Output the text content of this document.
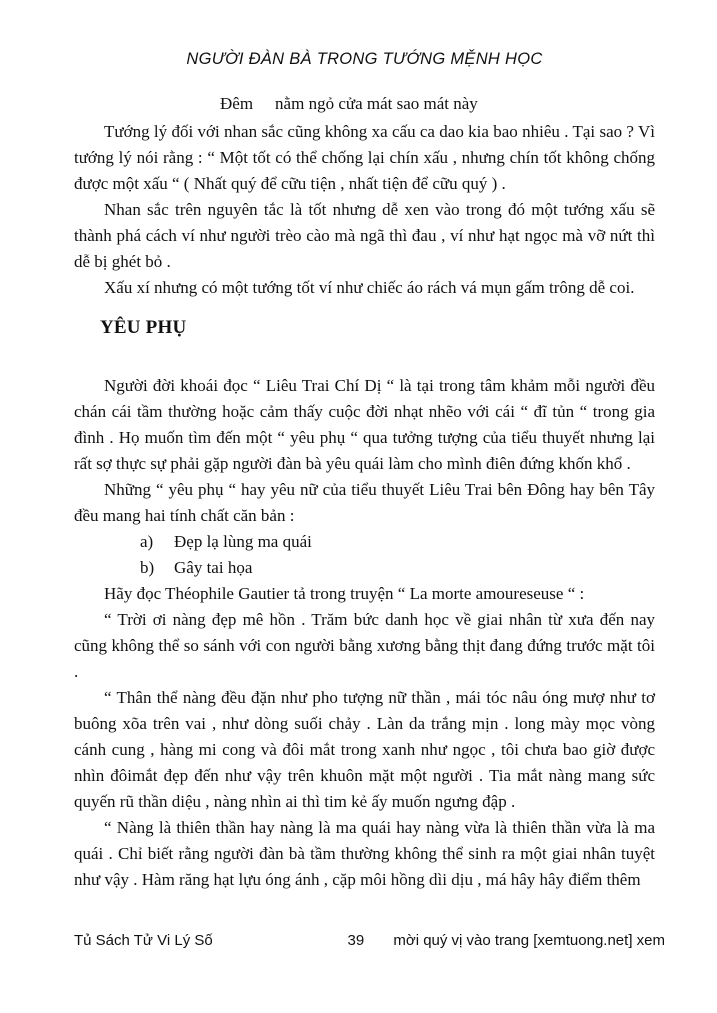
NGƯỜI ĐÀN BÀ TRONG TƯỚNG MỆNH HỌC
Đêm nằm ngỏ cửa mát sao mát này

Tướng lý đối với nhan sắc cũng không xa cấu ca dao kia bao nhiêu . Tại sao ? Vì tướng lý nói rằng : “ Một tốt có thể chống lại chín xấu , nhưng chín tốt không chống được một xấu “ ( Nhất quý để cữu tiện , nhất tiện để cữu quý ) .

Nhan sắc trên nguyên tắc là tốt nhưng dễ xen vào trong đó một tướng xấu sẽ thành phá cách ví như người trèo cào mà ngã thì đau , ví như hạt ngọc mà vỡ nứt thì dễ bị ghét bỏ .

Xấu xí nhưng có một tướng tốt ví như chiếc áo rách vá mụn gấm trông dễ coi.

YÊU PHỤ

Người đời khoái đọc “ Liêu Trai Chí Dị “ là tại trong tâm khảm mỗi người đều chán cái tầm thường hoặc cảm thấy cuộc đời nhạt nhẽo với cái “ đĩ tủn “ trong gia đình . Họ muốn tìm đến một “ yêu phụ “ qua tưởng tượng của tiểu thuyết nhưng lại rất sợ thực sự phải gặp người đàn bà yêu quái làm cho mình điên đứng khốn khổ .

Những “ yêu phụ “ hay yêu nữ của tiểu thuyết Liêu Trai bên Đông hay bên Tây đều mang hai tính chất căn bản :

a) Đẹp lạ lùng ma quái
b) Gây tai họa

Hãy đọc Théophile Gautier tả trong truyện “ La morte amoureseuse “ :

“ Trời ơi nàng đẹp mê hồn . Trăm bức danh học về giai nhân từ xưa đến nay cũng không thể so sánh với con người bằng xương bằng thịt đang đứng trước mặt tôi .

“ Thân thể nàng đều đặn như pho tượng nữ thần , mái tóc nâu óng mượ như tơ buông xõa trên vai , như dòng suối chảy . Làn da trắng mịn . long mày mọc vòng cánh cung , hàng mi cong và đôi mắt trong xanh như ngọc , tôi chưa bao giờ được nhìn đôimắt đẹp đến như vậy trên khuôn mặt một người . Tia mắt nàng mang sức quyến rũ thần diệu , nàng nhìn ai thì tim kẻ ấy muốn ngưng đập .

“ Nàng là thiên thần hay nàng là ma quái hay nàng vừa là thiên thần vừa là ma quái . Chỉ biết rằng người đàn bà tầm thường không thể sinh ra một giai nhân tuyệt như vậy . Hàm răng hạt lựu óng ánh , cặp môi hồng dìi dịu , má hây hây điểm thêm

Tủ Sách Tử Vi Lý Số	39	mời quý vị vào trang [xemtuong.net] xem
